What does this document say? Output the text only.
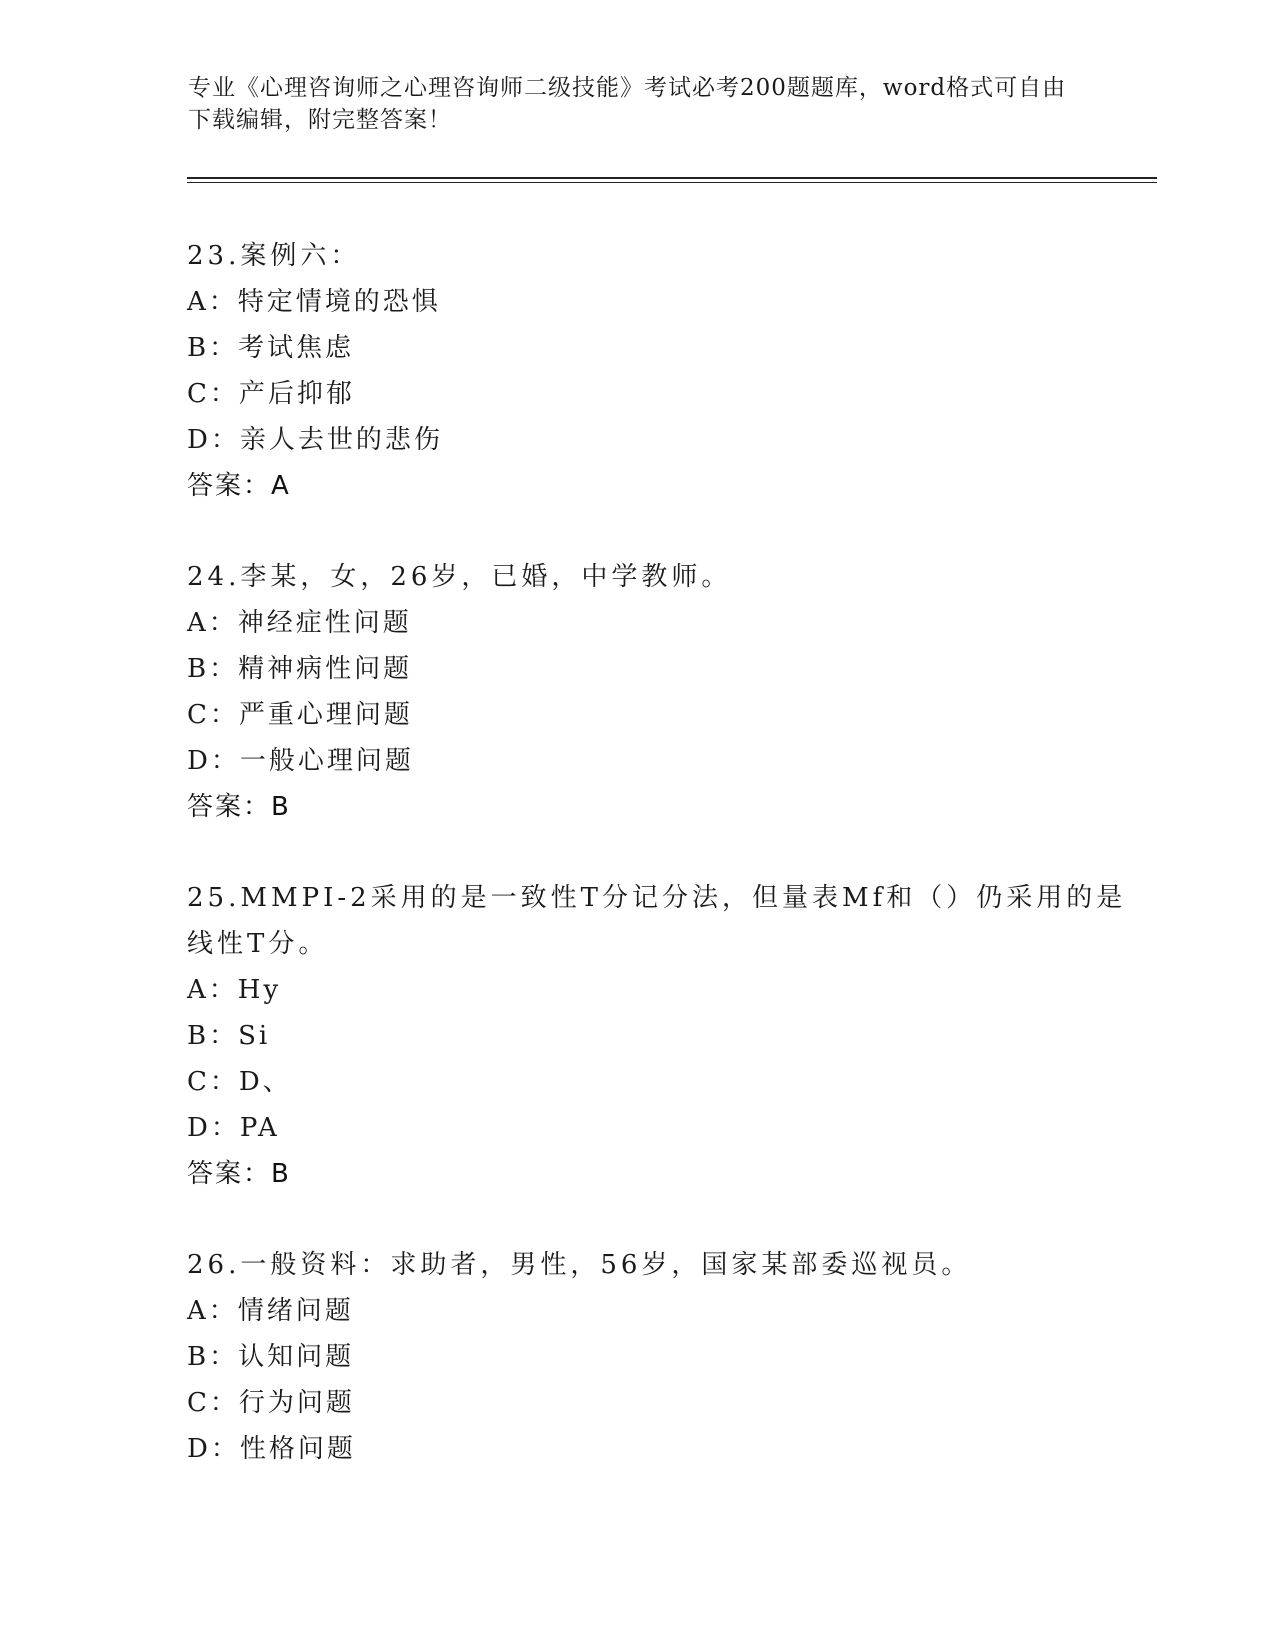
专业《心理咨询师之心理咨询师二级技能》考试必考200题题库，word格式可自由下载编辑，附完整答案！
23.案例六：
A：特定情境的恐惧
B：考试焦虑
C：产后抑郁
D：亲人去世的悲伤
答案：A
24.李某，女，26岁，已婚，中学教师。
A：神经症性问题
B：精神病性问题
C：严重心理问题
D：一般心理问题
答案：B
25.MMPI-2采用的是一致性T分记分法，但量表Mf和（）仍采用的是线性T分。
A：Hy
B：Si
C：D、
D：PA
答案：B
26.一般资料：求助者，男性，56岁，国家某部委巡视员。
A：情绪问题
B：认知问题
C：行为问题
D：性格问题
